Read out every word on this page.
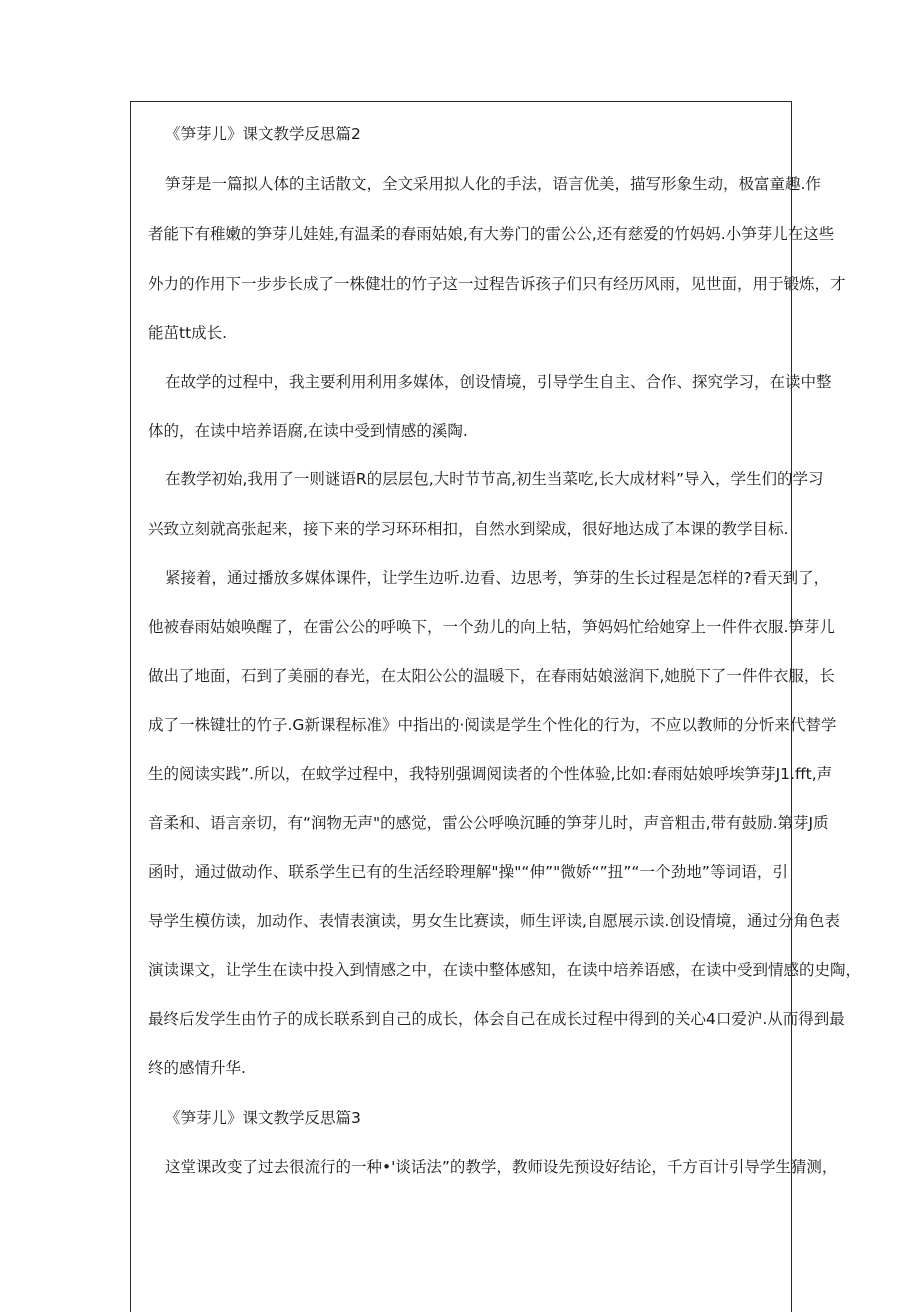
《笋芽儿》课文教学反思篇2
笋芽是一篇拟人体的主话散文，全文采用拟人化的手法，语言优美，描写形象生动，极富童趣.作
者能下有稚嫩的笋芽儿娃娃,有温柔的春雨姑娘,有大劵门的雷公公,还有慈爱的竹妈妈.小笋芽儿在这些
外力的作用下一步步长成了一株健壮的竹子这一过程告诉孩子们只有经历风雨，见世面，用于锻炼，才
能茁tt成长.
在故学的过程中，我主要利用利用多媒体，创设情境，引导学生自主、合作、探究学习，在读中整
体的，在读中培养语腐,在读中受到情感的溪陶.
在教学初始,我用了一则谜语R的层层包,大时节节高,初生当菜吃,长大成材料”导入，学生们的学习
兴致立刻就高张起来，接下来的学习环环相扣，自然水到梁成，很好地达成了本课的教学目标.
紧接着，通过播放多媒体课件，让学生边听.边看、边思考，笋芽的生长过程是怎样的?看天到了，
他被春雨姑娘唤醒了，在雷公公的呼唤下，一个劲儿的向上牯，笋妈妈忙给她穿上一件件衣服.笋芽儿
做出了地面，石到了美丽的春光，在太阳公公的温暖下，在春雨姑娘滋润下,她脱下了一件件衣服，长
成了一株键壮的竹子.G新课程标准》中指出的·阅读是学生个性化的行为，不应以教师的分忻来代替学
生的阅读实践”.所以，在蚊学过程中，我特别强调阅读者的个性体验,比如:春雨姑娘呼埃笋芽J1.fft,声
音柔和、语言亲切，有“润物无声"的感觉，雷公公呼唤沉睡的笋芽儿时，声音粗击,带有鼓励.第芽J质
函时，通过做动作、联系学生已有的生活经聆理解"操"“伸”"微娇“”扭”“一个劲地”等词语，引
导学生模仿读，加动作、表情表演读，男女生比赛读，师生评读,自愿展示读.创设情境，通过分角色表
演读课文，让学生在读中投入到情感之中，在读中整体感知，在读中培养语感，在读中受到情感的史陶，
最终后发学生由竹子的成长联系到自己的成长，体会自己在成长过程中得到的关心4口爱沪.从而得到最
终的感情升华.
《笋芽儿》课文教学反思篇3
这堂课改变了过去很流行的一种•'谈话法”的教学，教师设先预设好结论，千方百计引导学生猜测，
